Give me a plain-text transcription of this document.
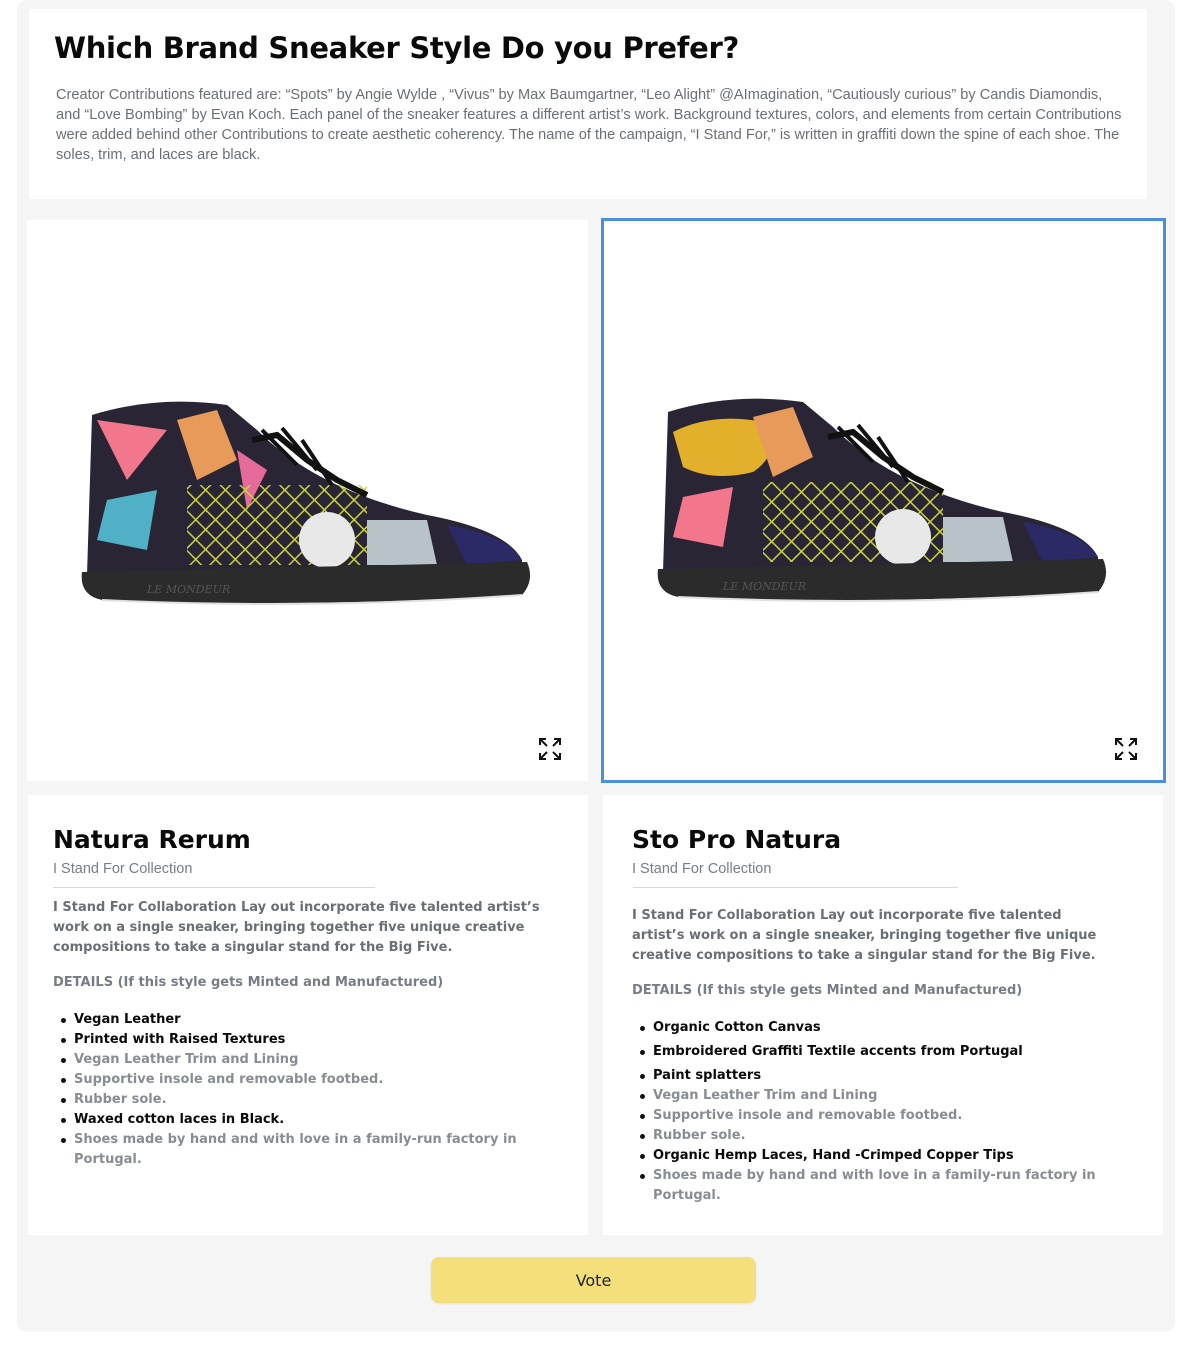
Which Brand Sneaker Style Do you Prefer?

Creator Contributions featured are: “Spots” by Angie Wylde , “Vivus” by Max Baumgartner, “Leo Alight” @AImagination, “Cautiously curious” by Candis Diamondis, and “Love Bombing” by Evan Koch. Each panel of the sneaker features a different artist’s work. Background textures, colors, and elements from certain Contributions were added behind other Contributions to create aesthetic coherency. The name of the campaign, “I Stand For,” is written in graffiti down the spine of each shoe. The soles, trim, and laces are black.

LE MONDEUR	LE MONDEUR
Natura Rerum
I Stand For Collection

I Stand For Collaboration Lay out incorporate five talented artist’s work on a single sneaker, bringing together five unique creative compositions to take a singular stand for the Big Five.

DETAILS (If this style gets Minted and Manufactured)
Vegan Leather
Printed with Raised Textures
Vegan Leather Trim and Lining
Supportive insole and removable footbed.
Rubber sole.
Waxed cotton laces in Black.
Shoes made by hand and with love in a family-run factory in Portugal.
Sto Pro Natura
I Stand For Collection

I Stand For Collaboration Lay out incorporate five talented artist’s work on a single sneaker, bringing together five unique creative compositions to take a singular stand for the Big Five.

DETAILS (If this style gets Minted and Manufactured)
Organic Cotton Canvas
Embroidered Graffiti Textile accents from Portugal
Paint splatters
Vegan Leather Trim and Lining
Supportive insole and removable footbed.
Rubber sole.
Organic Hemp Laces, Hand -Crimped Copper Tips
Shoes made by hand and with love in a family-run factory in Portugal.
Vote
